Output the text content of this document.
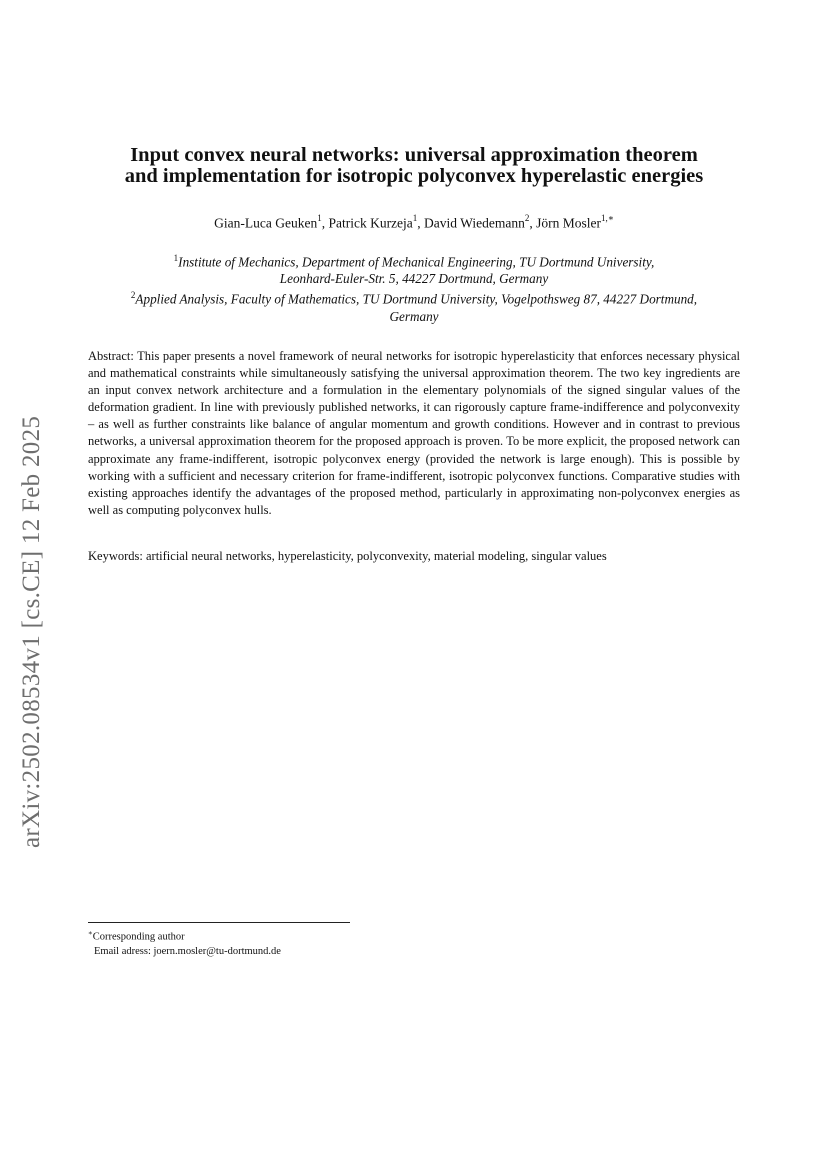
arXiv:2502.08534v1 [cs.CE] 12 Feb 2025
Input convex neural networks: universal approximation theorem
and implementation for isotropic polyconvex hyperelastic energies
Gian-Luca Geuken$^1$, Patrick Kurzeja$^1$, David Wiedemann$^2$, Jörn Mosler$^{1,∗}$
$^1$Institute of Mechanics, Department of Mechanical Engineering, TU Dortmund University,
Leonhard-Euler-Str. 5, 44227 Dortmund, Germany
$^2$Applied Analysis, Faculty of Mathematics, TU Dortmund University, Vogelpothsweg 87, 44227 Dortmund,
Germany
Abstract: This paper presents a novel framework of neural networks for isotropic hyperelasticity that enforces necessary physical and mathematical constraints while simultaneously satisfying the universal approximation theorem. The two key ingredients are an input convex network architecture and a formulation in the elementary polynomials of the signed singular values of the deformation gradient. In line with previously published networks, it can rigorously capture frame-indifference and polyconvexity – as well as further constraints like balance of angular momentum and growth conditions. However and in contrast to previous networks, a universal approximation theorem for the proposed approach is proven. To be more explicit, the proposed network can approximate any frame-indifferent, isotropic polyconvex energy (provided the network is large enough). This is possible by working with a sufficient and necessary criterion for frame-indifferent, isotropic polyconvex functions. Comparative studies with existing approaches identify the advantages of the proposed method, particularly in approximating non-polyconvex energies as well as computing polyconvex hulls.
Keywords: artificial neural networks, hyperelasticity, polyconvexity, material modeling, singular values
∗Corresponding author
Email adress: joern.mosler@tu-dortmund.de
